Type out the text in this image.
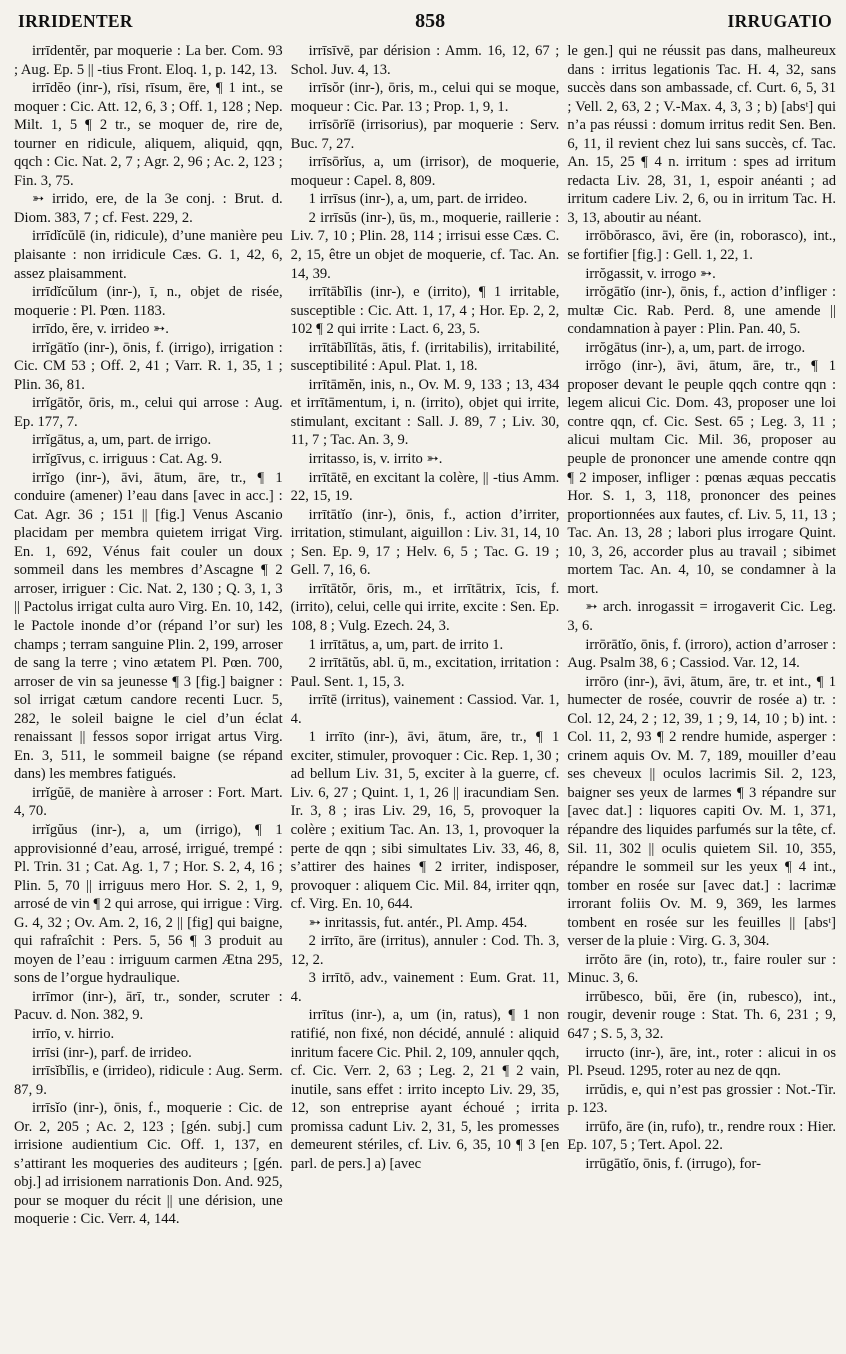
IRRIDENTER	858	IRRUGATIO

irrīdentĕr, par moquerie : La ber. Com. 93 ; Aug. Ep. 5 || -tius Front. Eloq. 1, p. 142, 13.

irrīdĕo (inr-), rīsi, rīsum, ēre, ¶ 1 int., se moquer : Cic. Att. 12, 6, 3 ; Off. 1, 128 ; Nep. Milt. 1, 5 ¶ 2 tr., se moquer de, rire de, tourner en ridicule, aliquem, aliquid, qqn, qqch : Cic. Nat. 2, 7 ; Agr. 2, 96 ; Ac. 2, 123 ; Fin. 3, 75.

➳ irrido, ere, de la 3e conj. : Brut. d. Diom. 383, 7 ; cf. Fest. 229, 2.

irrīdĭcŭlē (in, ridicule), d’une manière peu plaisante : non irridicule Cæs. G. 1, 42, 6, assez plaisamment.

irrīdĭcŭlum (inr-), ī, n., objet de risée, moquerie : Pl. Pœn. 1183.

irrīdo, ĕre, v. irrideo ➳.

irrĭgātĭo (inr-), ōnis, f. (irrigo), irrigation : Cic. CM 53 ; Off. 2, 41 ; Varr. R. 1, 35, 1 ; Plin. 36, 81.

irrĭgātŏr, ōris, m., celui qui arrose : Aug. Ep. 177, 7.

irrĭgātus, a, um, part. de irrigo.

irrĭgīvus, c. irriguus : Cat. Ag. 9.

irrĭgo (inr-), āvi, ātum, āre, tr., ¶ 1 conduire (amener) l’eau dans [avec in acc.] : Cat. Agr. 36 ; 151 || [fig.] Venus Ascanio placidam per membra quietem irrigat Virg. En. 1, 692, Vénus fait couler un doux sommeil dans les membres d’Ascagne ¶ 2 arroser, irriguer : Cic. Nat. 2, 130 ; Q. 3, 1, 3 || Pactolus irrigat culta auro Virg. En. 10, 142, le Pactole inonde d’or (répand l’or sur) les champs ; terram sanguine Plin. 2, 199, arroser de sang la terre ; vino ætatem Pl. Pœn. 700, arroser de vin sa jeunesse ¶ 3 [fig.] baigner : sol irrigat cætum candore recenti Lucr. 5, 282, le soleil baigne le ciel d’un éclat renaissant || fessos sopor irrigat artus Virg. En. 3, 511, le sommeil baigne (se répand dans) les membres fatigués.

irrĭgŭē, de manière à arroser : Fort. Mart. 4, 70.

irrĭgŭus (inr-), a, um (irrigo), ¶ 1 approvisionné d’eau, arrosé, irrigué, trempé : Pl. Trin. 31 ; Cat. Ag. 1, 7 ; Hor. S. 2, 4, 16 ; Plin. 5, 70 || irriguus mero Hor. S. 2, 1, 9, arrosé de vin ¶ 2 qui arrose, qui irrigue : Virg. G. 4, 32 ; Ov. Am. 2, 16, 2 || [fig] qui baigne, qui rafraîchit : Pers. 5, 56 ¶ 3 produit au moyen de l’eau : irriguum carmen Ætna 295, sons de l’orgue hydraulique.

irrīmor (inr-), ārī, tr., sonder, scruter : Pacuv. d. Non. 382, 9.

irrīo, v. hirrio.

irrīsi (inr-), parf. de irrideo.

irrīsĭbĭlis, e (irrideo), ridicule : Aug. Serm. 87, 9.

irrīsĭo (inr-), ōnis, f., moquerie : Cic. de Or. 2, 205 ; Ac. 2, 123 ; [gén. subj.] cum irrisione audientium Cic. Off. 1, 137, en s’attirant les moqueries des auditeurs ; [gén. obj.] ad irrisionem narrationis Don. And. 925, pour se moquer du récit || une dérision, une moquerie : Cic. Verr. 4, 144.

irrīsīvē, par dérision : Amm. 16, 12, 67 ; Schol. Juv. 4, 13.

irrīsŏr (inr-), ōris, m., celui qui se moque, moqueur : Cic. Par. 13 ; Prop. 1, 9, 1.

irrīsōrĭē (irrisorius), par moquerie : Serv. Buc. 7, 27.

irrīsōrĭus, a, um (irrisor), de moquerie, moqueur : Capel. 8, 809.

1 irrīsus (inr-), a, um, part. de irrideo.

2 irrīsŭs (inr-), ūs, m., moquerie, raillerie : Liv. 7, 10 ; Plin. 28, 114 ; irrisui esse Cæs. C. 2, 15, être un objet de moquerie, cf. Tac. An. 14, 39.

irrītābĭlis (inr-), e (irrito), ¶ 1 irritable, susceptible : Cic. Att. 1, 17, 4 ; Hor. Ep. 2, 2, 102 ¶ 2 qui irrite : Lact. 6, 23, 5.

irrītābĭlĭtās, ātis, f. (irritabilis), irritabilité, susceptibilité : Apul. Plat. 1, 18.

irrītāmĕn, inis, n., Ov. M. 9, 133 ; 13, 434 et irrītāmentum, i, n. (irrito), objet qui irrite, stimulant, excitant : Sall. J. 89, 7 ; Liv. 30, 11, 7 ; Tac. An. 3, 9.

irritasso, is, v. irrito ➳.

irrītātē, en excitant la colère, || -tius Amm. 22, 15, 19.

irrītātĭo (inr-), ōnis, f., action d’irriter, irritation, stimulant, aiguillon : Liv. 31, 14, 10 ; Sen. Ep. 9, 17 ; Helv. 6, 5 ; Tac. G. 19 ; Gell. 7, 16, 6.

irrītātŏr, ōris, m., et irrītātrix, īcis, f. (irrito), celui, celle qui irrite, excite : Sen. Ep. 108, 8 ; Vulg. Ezech. 24, 3.

1 irrītātus, a, um, part. de irrito 1.

2 irrītātŭs, abl. ū, m., excitation, irritation : Paul. Sent. 1, 15, 3.

irrītē (irritus), vainement : Cassiod. Var. 1, 4.

1 irrīto (inr-), āvi, ātum, āre, tr., ¶ 1 exciter, stimuler, provoquer : Cic. Rep. 1, 30 ; ad bellum Liv. 31, 5, exciter à la guerre, cf. Liv. 6, 27 ; Quint. 1, 1, 26 || iracundiam Sen. Ir. 3, 8 ; iras Liv. 29, 16, 5, provoquer la colère ; exitium Tac. An. 13, 1, provoquer la perte de qqn ; sibi simultates Liv. 33, 46, 8, s’attirer des haines ¶ 2 irriter, indisposer, provoquer : aliquem Cic. Mil. 84, irriter qqn, cf. Virg. En. 10, 644.

➳ inritassis, fut. antér., Pl. Amp. 454.

2 irrīto, āre (irritus), annuler : Cod. Th. 3, 12, 2.

3 irrītō, adv., vainement : Eum. Grat. 11, 4.

irrītus (inr-), a, um (in, ratus), ¶ 1 non ratifié, non fixé, non décidé, annulé : aliquid inritum facere Cic. Phil. 2, 109, annuler qqch, cf. Cic. Verr. 2, 63 ; Leg. 2, 21 ¶ 2 vain, inutile, sans effet : irrito incepto Liv. 29, 35, 12, son entreprise ayant échoué ; irrita promissa cadunt Liv. 2, 31, 5, les promesses demeurent stériles, cf. Liv. 6, 35, 10 ¶ 3 [en parl. de pers.] a) [avec

le gen.] qui ne réussit pas dans, malheureux dans : irritus legationis Tac. H. 4, 32, sans succès dans son ambassade, cf. Curt. 6, 5, 31 ; Vell. 2, 63, 2 ; V.-Max. 4, 3, 3 ; b) [absᵗ] qui n’a pas réussi : domum irritus redit Sen. Ben. 6, 11, il revient chez lui sans succès, cf. Tac. An. 15, 25 ¶ 4 n. irritum : spes ad irritum redacta Liv. 28, 31, 1, espoir anéanti ; ad irritum cadere Liv. 2, 6, ou in irritum Tac. H. 3, 13, aboutir au néant.

irrōbŏrasco, āvi, ĕre (in, roborasco), int., se fortifier [fig.] : Gell. 1, 22, 1.

irrŏgassit, v. irrogo ➳.

irrŏgātĭo (inr-), ōnis, f., action d’infliger : multæ Cic. Rab. Perd. 8, une amende || condamnation à payer : Plin. Pan. 40, 5.

irrŏgātus (inr-), a, um, part. de irrogo.

irrŏgo (inr-), āvi, ātum, āre, tr., ¶ 1 proposer devant le peuple qqch contre qqn : legem alicui Cic. Dom. 43, proposer une loi contre qqn, cf. Cic. Sest. 65 ; Leg. 3, 11 ; alicui multam Cic. Mil. 36, proposer au peuple de prononcer une amende contre qqn ¶ 2 imposer, infliger : pœnas æquas peccatis Hor. S. 1, 3, 118, prononcer des peines proportionnées aux fautes, cf. Liv. 5, 11, 13 ; Tac. An. 13, 28 ; labori plus irrogare Quint. 10, 3, 26, accorder plus au travail ; sibimet mortem Tac. An. 4, 10, se condamner à la mort.

➳ arch. inrogassit = irrogaverit Cic. Leg. 3, 6.

irrōrātĭo, ōnis, f. (irroro), action d’arroser : Aug. Psalm 38, 6 ; Cassiod. Var. 12, 14.

irrōro (inr-), āvi, ātum, āre, tr. et int., ¶ 1 humecter de rosée, couvrir de rosée a) tr. : Col. 12, 24, 2 ; 12, 39, 1 ; 9, 14, 10 ; b) int. : Col. 11, 2, 93 ¶ 2 rendre humide, asperger : crinem aquis Ov. M. 7, 189, mouiller d’eau ses cheveux || oculos lacrimis Sil. 2, 123, baigner ses yeux de larmes ¶ 3 répandre sur [avec dat.] : liquores capiti Ov. M. 1, 371, répandre des liquides parfumés sur la tête, cf. Sil. 11, 302 || oculis quietem Sil. 10, 355, répandre le sommeil sur les yeux ¶ 4 int., tomber en rosée sur [avec dat.] : lacrimæ irrorant foliis Ov. M. 9, 369, les larmes tombent en rosée sur les feuilles || [absᵗ] verser de la pluie : Virg. G. 3, 304.

irrŏto āre (in, roto), tr., faire rouler sur : Minuc. 3, 6.

irrŭbesco, bŭi, ĕre (in, rubesco), int., rougir, devenir rouge : Stat. Th. 6, 231 ; 9, 647 ; S. 5, 3, 32.

irructo (inr-), āre, int., roter : alicui in os Pl. Pseud. 1295, roter au nez de qqn.

irrŭdis, e, qui n’est pas grossier : Not.-Tir. p. 123.

irrūfo, āre (in, rufo), tr., rendre roux : Hier. Ep. 107, 5 ; Tert. Apol. 22.

irrūgātĭo, ōnis, f. (irrugo), for-
